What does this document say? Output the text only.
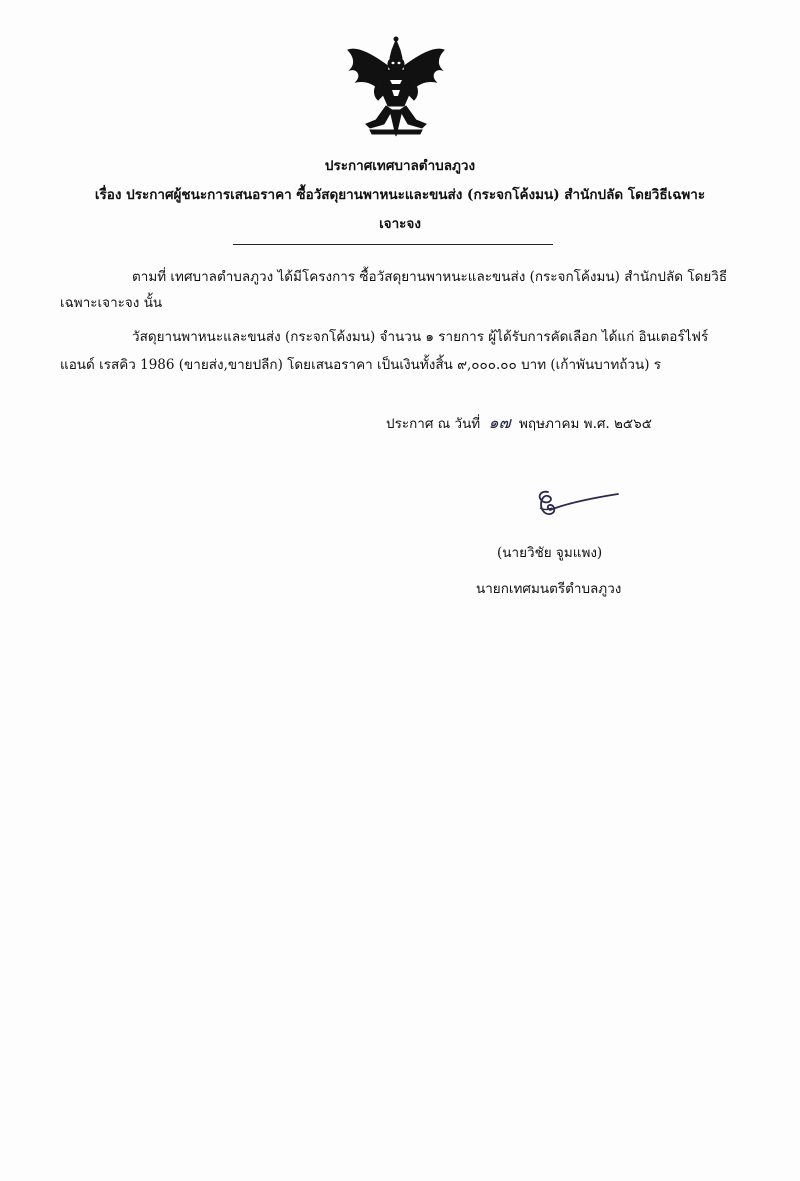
ประกาศเทศบาลตำบลภูวง
เรื่อง ประกาศผู้ชนะการเสนอราคา ซื้อวัสดุยานพาหนะและขนส่ง (กระจกโค้งมน) สำนักปลัด โดยวิธีเฉพาะ
เจาะจง
ตามที่ เทศบาลตำบลภูวง ได้มีโครงการ ซื้อวัสดุยานพาหนะและขนส่ง (กระจกโค้งมน) สำนักปลัด โดยวิธี
เฉพาะเจาะจง นั้น
วัสดุยานพาหนะและขนส่ง (กระจกโค้งมน) จำนวน ๑ รายการ ผู้ได้รับการคัดเลือก ได้แก่ อินเตอร์ไฟร์
แอนด์ เรสคิว 1986 (ขายส่ง,ขายปลีก) โดยเสนอราคา เป็นเงินทั้งสิ้น ๙,๐๐๐.๐๐ บาท (เก้าพันบาทถ้วน) ร
ประกาศ ณ วันที่ ๑๗ พฤษภาคม พ.ศ. ๒๕๖๕
(นายวิชัย จูมแพง)
นายกเทศมนตรีตำบลภูวง
